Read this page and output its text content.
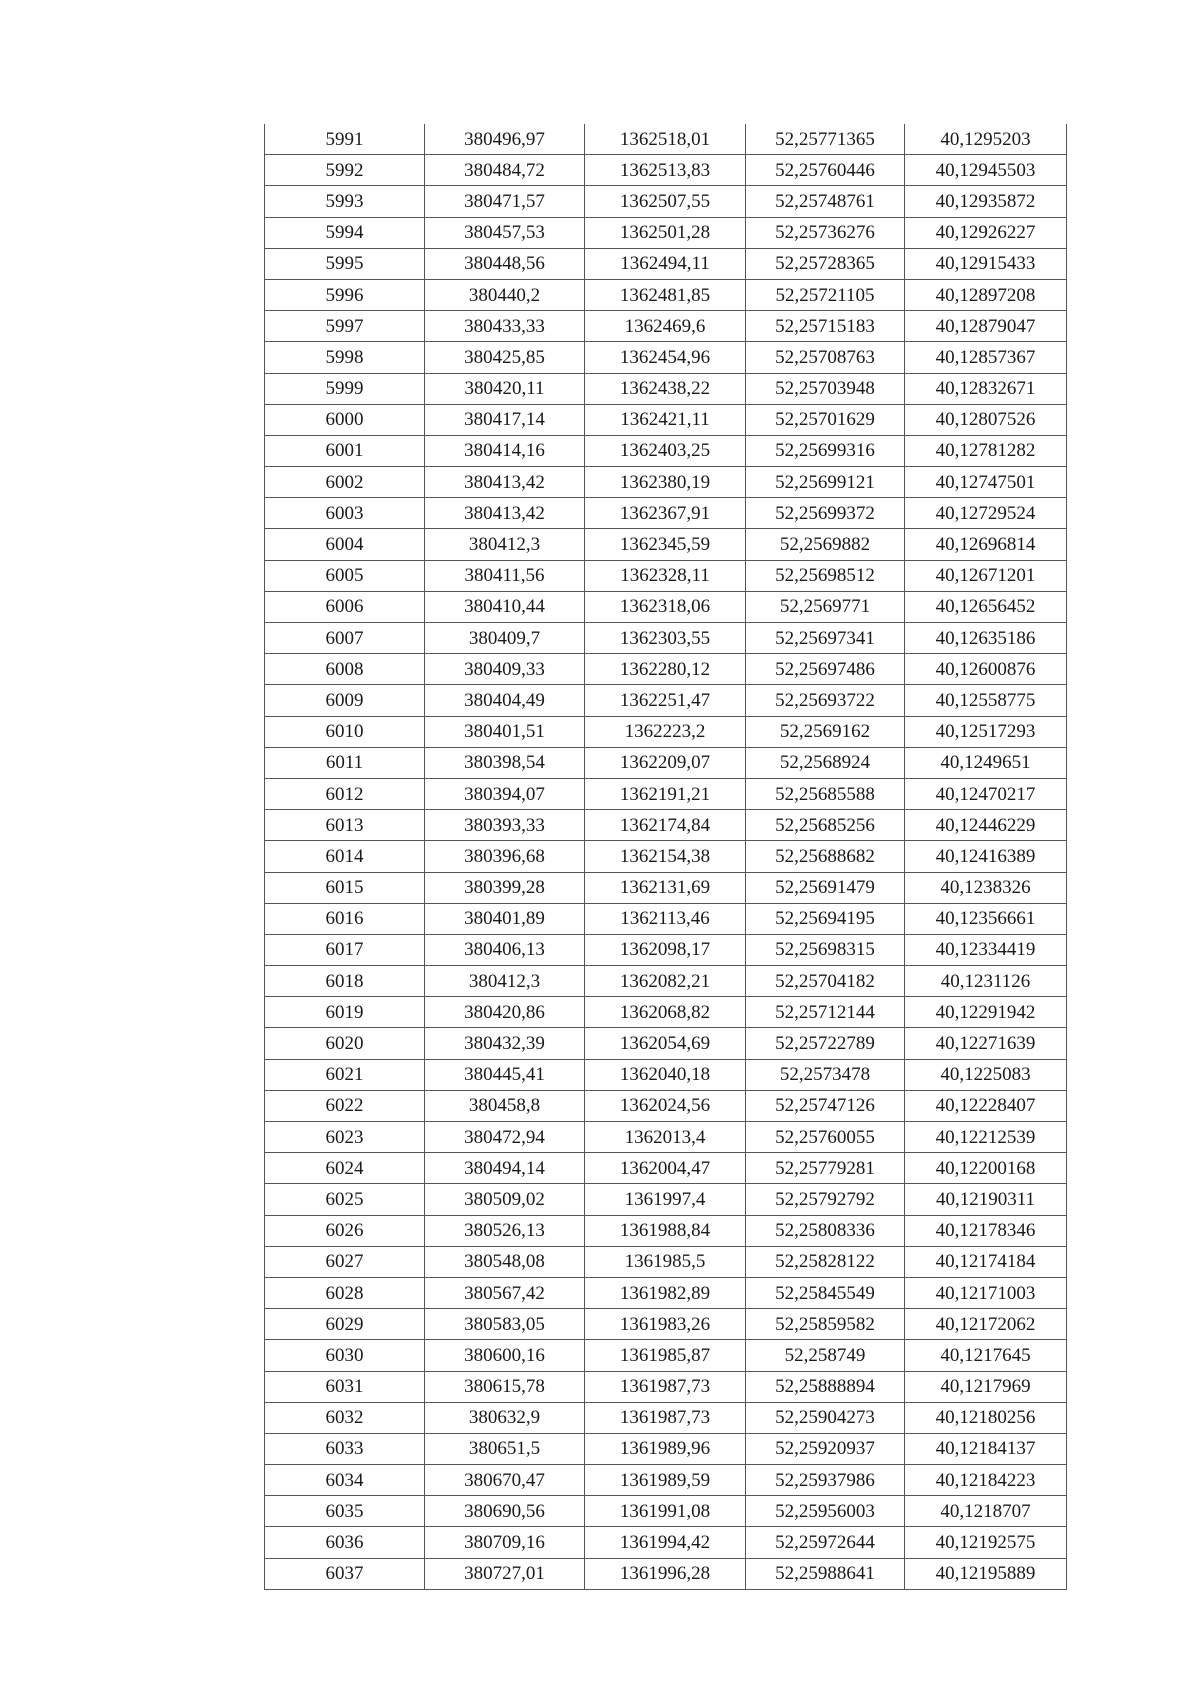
5991	380496,97	1362518,01	52,25771365	40,1295203
5992	380484,72	1362513,83	52,25760446	40,12945503
5993	380471,57	1362507,55	52,25748761	40,12935872
5994	380457,53	1362501,28	52,25736276	40,12926227
5995	380448,56	1362494,11	52,25728365	40,12915433
5996	380440,2	1362481,85	52,25721105	40,12897208
5997	380433,33	1362469,6	52,25715183	40,12879047
5998	380425,85	1362454,96	52,25708763	40,12857367
5999	380420,11	1362438,22	52,25703948	40,12832671
6000	380417,14	1362421,11	52,25701629	40,12807526
6001	380414,16	1362403,25	52,25699316	40,12781282
6002	380413,42	1362380,19	52,25699121	40,12747501
6003	380413,42	1362367,91	52,25699372	40,12729524
6004	380412,3	1362345,59	52,2569882	40,12696814
6005	380411,56	1362328,11	52,25698512	40,12671201
6006	380410,44	1362318,06	52,2569771	40,12656452
6007	380409,7	1362303,55	52,25697341	40,12635186
6008	380409,33	1362280,12	52,25697486	40,12600876
6009	380404,49	1362251,47	52,25693722	40,12558775
6010	380401,51	1362223,2	52,2569162	40,12517293
6011	380398,54	1362209,07	52,2568924	40,1249651
6012	380394,07	1362191,21	52,25685588	40,12470217
6013	380393,33	1362174,84	52,25685256	40,12446229
6014	380396,68	1362154,38	52,25688682	40,12416389
6015	380399,28	1362131,69	52,25691479	40,1238326
6016	380401,89	1362113,46	52,25694195	40,12356661
6017	380406,13	1362098,17	52,25698315	40,12334419
6018	380412,3	1362082,21	52,25704182	40,1231126
6019	380420,86	1362068,82	52,25712144	40,12291942
6020	380432,39	1362054,69	52,25722789	40,12271639
6021	380445,41	1362040,18	52,2573478	40,1225083
6022	380458,8	1362024,56	52,25747126	40,12228407
6023	380472,94	1362013,4	52,25760055	40,12212539
6024	380494,14	1362004,47	52,25779281	40,12200168
6025	380509,02	1361997,4	52,25792792	40,12190311
6026	380526,13	1361988,84	52,25808336	40,12178346
6027	380548,08	1361985,5	52,25828122	40,12174184
6028	380567,42	1361982,89	52,25845549	40,12171003
6029	380583,05	1361983,26	52,25859582	40,12172062
6030	380600,16	1361985,87	52,258749	40,1217645
6031	380615,78	1361987,73	52,25888894	40,1217969
6032	380632,9	1361987,73	52,25904273	40,12180256
6033	380651,5	1361989,96	52,25920937	40,12184137
6034	380670,47	1361989,59	52,25937986	40,12184223
6035	380690,56	1361991,08	52,25956003	40,1218707
6036	380709,16	1361994,42	52,25972644	40,12192575
6037	380727,01	1361996,28	52,25988641	40,12195889
